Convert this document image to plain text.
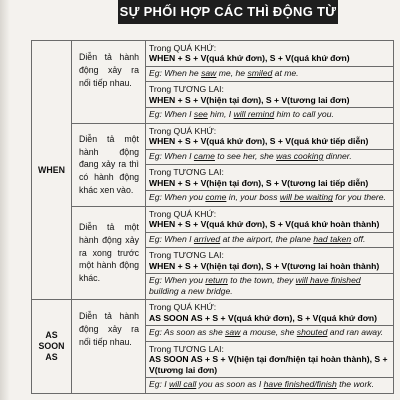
SỰ PHỐI HỢP CÁC THÌ ĐỘNG TỪ
WHEN	Diễn tả hành động xảy ra nối tiếp nhau.	Trong QUÁ KHỨ:
WHEN + S + V(quá khứ đơn), S + V(quá khứ đơn)
Eg: When he saw me, he smiled at me.

		Trong TƯƠNG LAI:
WHEN + S + V(hiện tại đơn), S + V(tương lai đơn)
Eg: When I see him, I will remind him to call you.

	Diễn tả một hành động đang xảy ra thì có hành động khác xen vào.	Trong QUÁ KHỨ:
WHEN + S + V(quá khứ đơn), S + V(quá khứ tiếp diễn)
Eg: When I came to see her, she was cooking dinner.

		Trong TƯƠNG LAI:
WHEN + S + V(hiện tại đơn), S + V(tương lai tiếp diễn)
Eg: When you come in, your boss will be waiting for you there.

	Diễn tả một hành động xảy ra xong trước một hành động khác.	Trong QUÁ KHỨ:
WHEN + S + V(quá khứ đơn), S + V(quá khứ hoàn thành)
Eg: When I arrived at the airport, the plane had taken off.

		Trong TƯƠNG LAI:
WHEN + S + V(hiện tại đơn), S + V(tương lai hoàn thành)
Eg: When you return to the town, they will have finished building a new bridge.

AS SOON AS	Diễn tả hành động xảy ra nối tiếp nhau.	Trong QUÁ KHỨ:
AS SOON AS + S + V(quá khứ đơn), S + V(quá khứ đơn)
Eg: As soon as she saw a mouse, she shouted and ran away.

		Trong TƯƠNG LAI:
AS SOON AS + S + V(hiện tại đơn/hiện tại hoàn thành), S + V(tương lai đơn)
Eg: I will call you as soon as I have finished/finish the work.
